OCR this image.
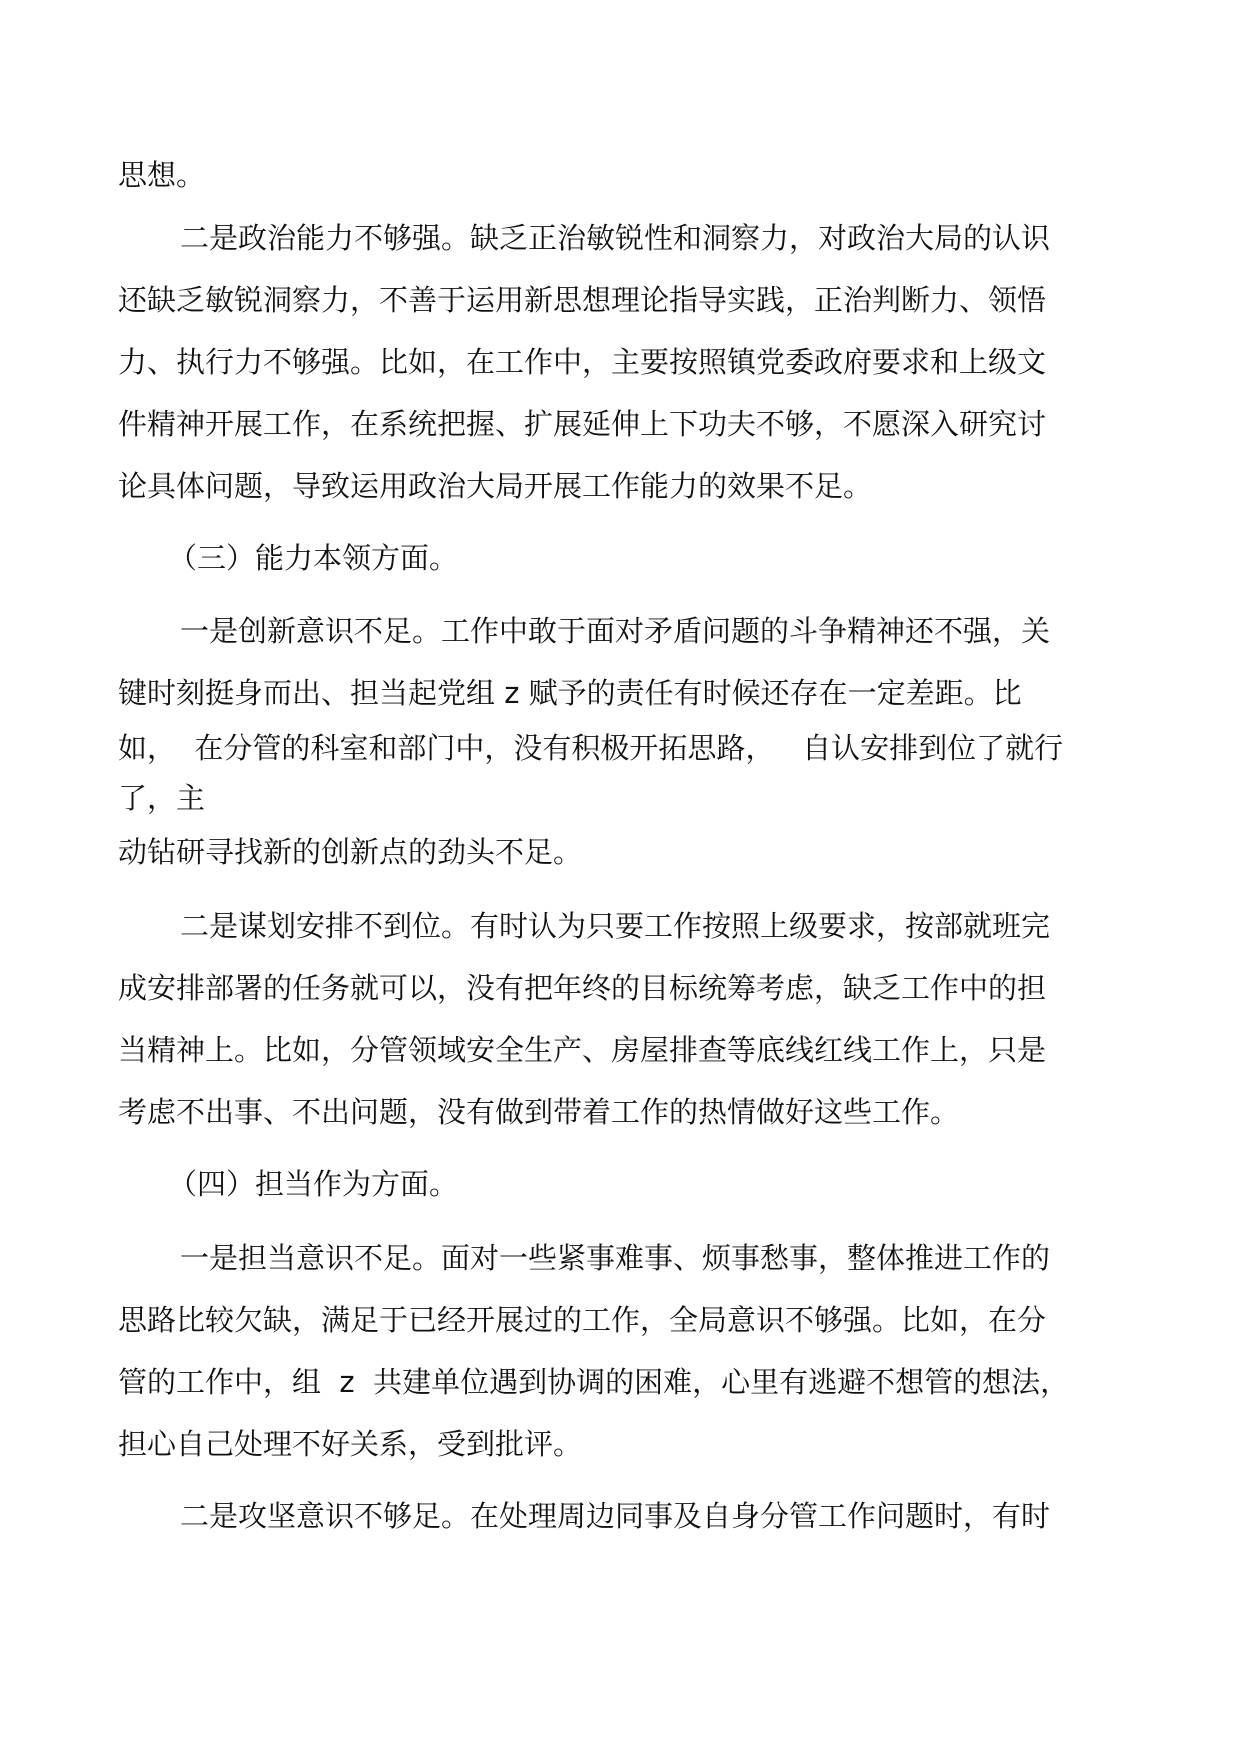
思想。

二是政治能力不够强。缺乏正治敏锐性和洞察力，对政治大局的认识

还缺乏敏锐洞察力，不善于运用新思想理论指导实践，正治判断力、领悟

力、执行力不够强。比如，在工作中，主要按照镇党委政府要求和上级文

件精神开展工作，在系统把握、扩展延伸上下功夫不够，不愿深入研究讨

论具体问题，导致运用政治大局开展工作能力的效果不足。

（三）能力本领方面。

一是创新意识不足。工作中敢于面对矛盾问题的斗争精神还不强，关

键时刻挺身而出、担当起党组 z 赋予的责任有时候还存在一定差距。比

如，  在分管的科室和部门中，没有积极开拓思路，   自认安排到位了就行

了，主

动钻研寻找新的创新点的劲头不足。

二是谋划安排不到位。有时认为只要工作按照上级要求，按部就班完

成安排部署的任务就可以，没有把年终的目标统筹考虑，缺乏工作中的担

当精神上。比如，分管领域安全生产、房屋排查等底线红线工作上，只是

考虑不出事、不出问题，没有做到带着工作的热情做好这些工作。

（四）担当作为方面。

一是担当意识不足。面对一些紧事难事、烦事愁事，整体推进工作的

思路比较欠缺，满足于已经开展过的工作，全局意识不够强。比如，在分

管的工作中，组  z  共建单位遇到协调的困难，心里有逃避不想管的想法，

担心自己处理不好关系，受到批评。

二是攻坚意识不够足。在处理周边同事及自身分管工作问题时，有时
